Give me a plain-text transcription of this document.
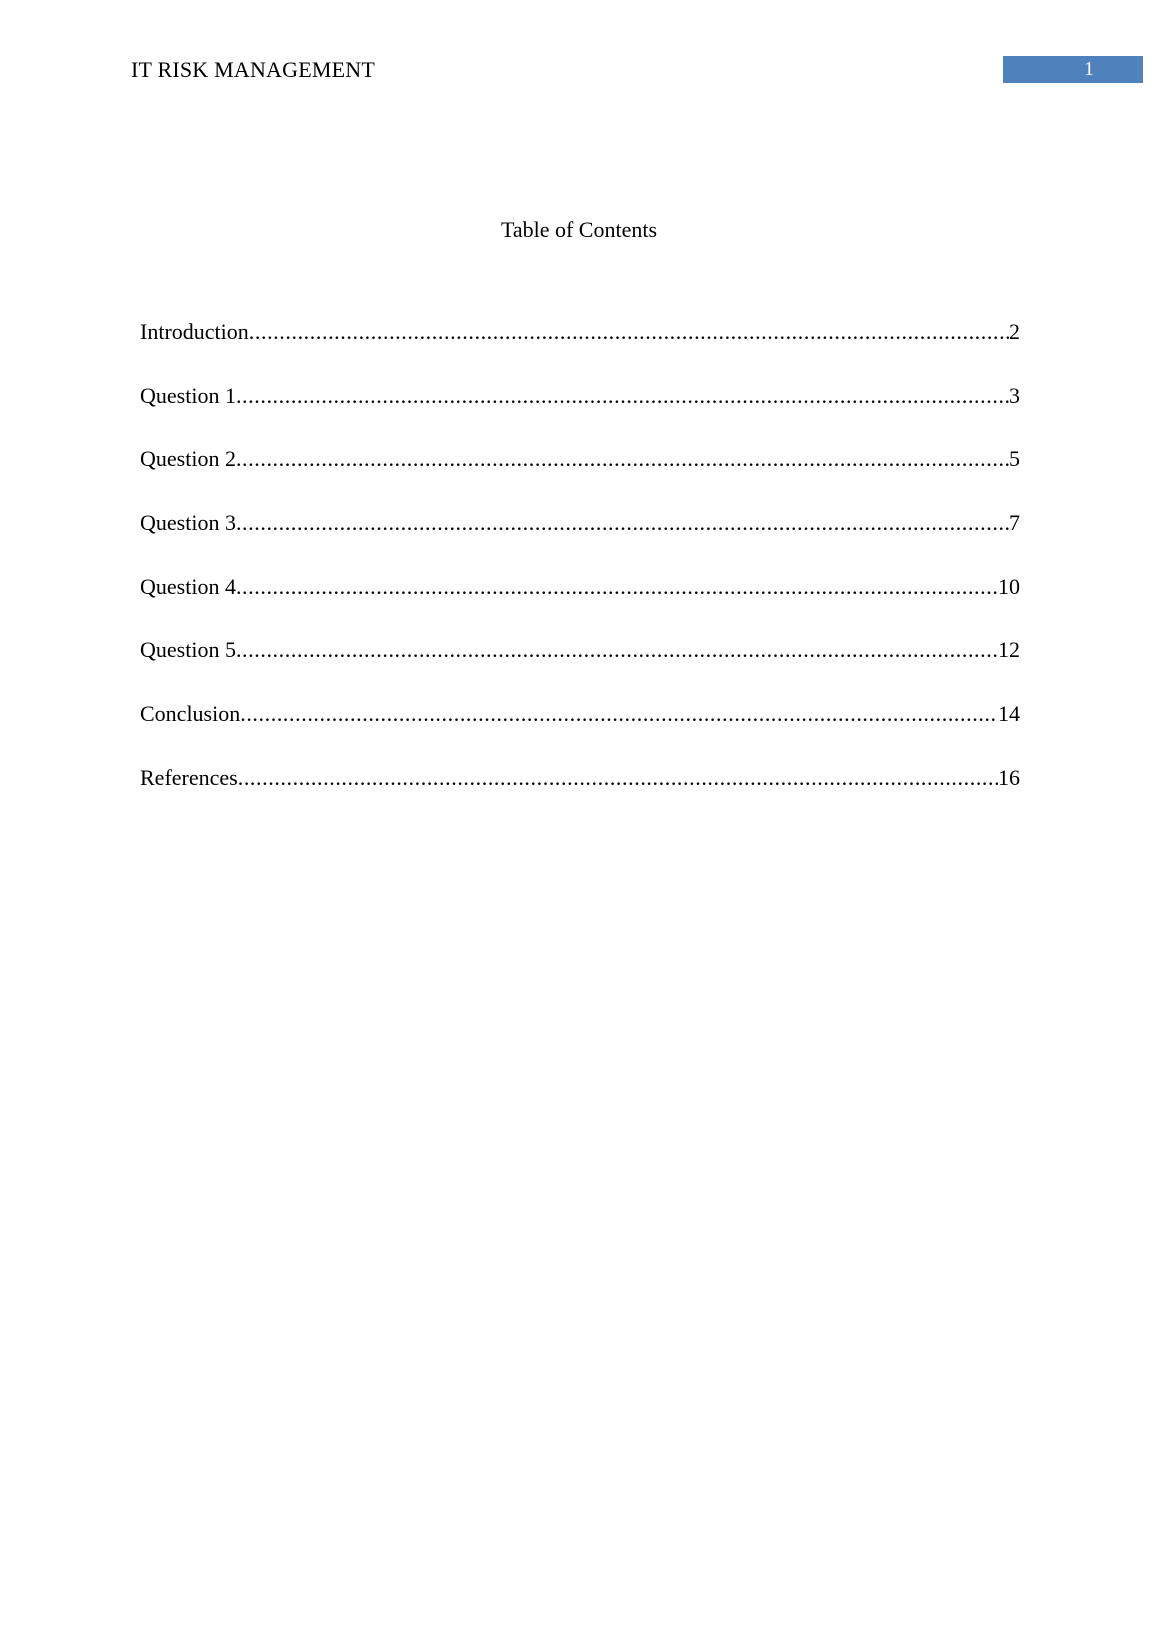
IT RISK MANAGEMENT	1
Table of Contents
Introduction .....	2
Question 1 .....	3
Question 2 .....	5
Question 3 .....	7
Question 4 .....	10
Question 5 .....	12
Conclusion .....	14
References .....	16
